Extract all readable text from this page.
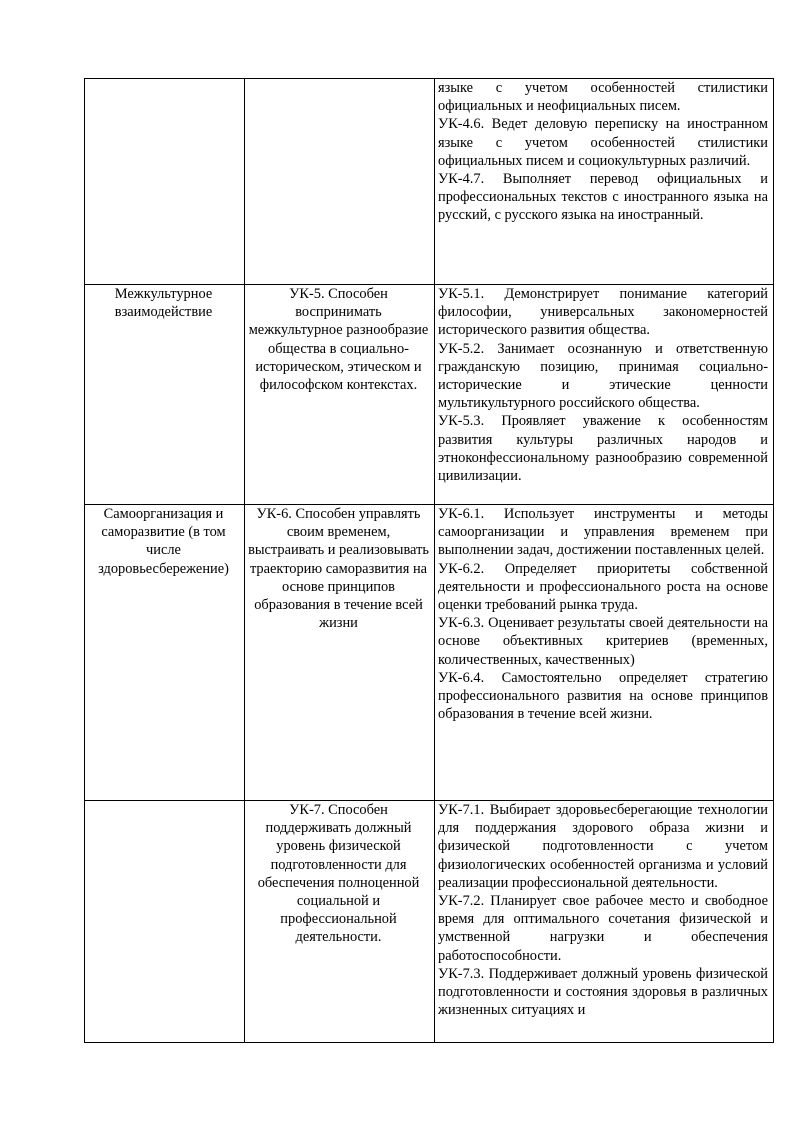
		языке с учетом особенностей стилистики официальных и неофициальных писем.
УК-4.6. Ведет деловую переписку на иностранном языке с учетом особенностей стилистики официальных писем и социокультурных различий.
УК-4.7. Выполняет перевод официальных и профессиональных текстов с иностранного языка на русский, с русского языка на иностранный.

Межкультурное взаимодействие	УК-5. Способен воспринимать межкультурное разнообразие общества в социально-историческом, этическом и философском контекстах.	УК-5.1. Демонстрирует понимание категорий философии, универсальных закономерностей исторического развития общества.
УК-5.2. Занимает осознанную и ответственную гражданскую позицию, принимая социально-исторические и этические ценности мультикультурного российского общества.
УК-5.3. Проявляет уважение к особенностям развития культуры различных народов и этноконфессиональному разнообразию современной цивилизации.

Самоорганизация и саморазвитие (в том числе здоровьесбережение)	УК-6. Способен управлять своим временем, выстраивать и реализовывать траекторию саморазвития на основе принципов образования в течение всей жизни	УК-6.1. Использует инструменты и методы самоорганизации и управления временем при выполнении задач, достижении поставленных целей.
УК-6.2. Определяет приоритеты собственной деятельности и профессионального роста на основе оценки требований рынка труда.
УК-6.3. Оценивает результаты своей деятельности на основе объективных критериев (временных, количественных, качественных)
УК-6.4. Самостоятельно определяет стратегию профессионального развития на основе принципов образования в течение всей жизни.

	УК-7. Способен поддерживать должный уровень физической подготовленности для обеспечения полноценной социальной и профессиональной деятельности.	УК-7.1. Выбирает здоровьесберегающие технологии для поддержания здорового образа жизни и физической подготовленности с учетом физиологических особенностей организма и условий реализации профессиональной деятельности.
УК-7.2. Планирует свое рабочее место и свободное время для оптимального сочетания физической и умственной нагрузки и обеспечения работоспособности.
УК-7.3. Поддерживает должный уровень физической подготовленности и состояния здоровья в различных жизненных ситуациях и
